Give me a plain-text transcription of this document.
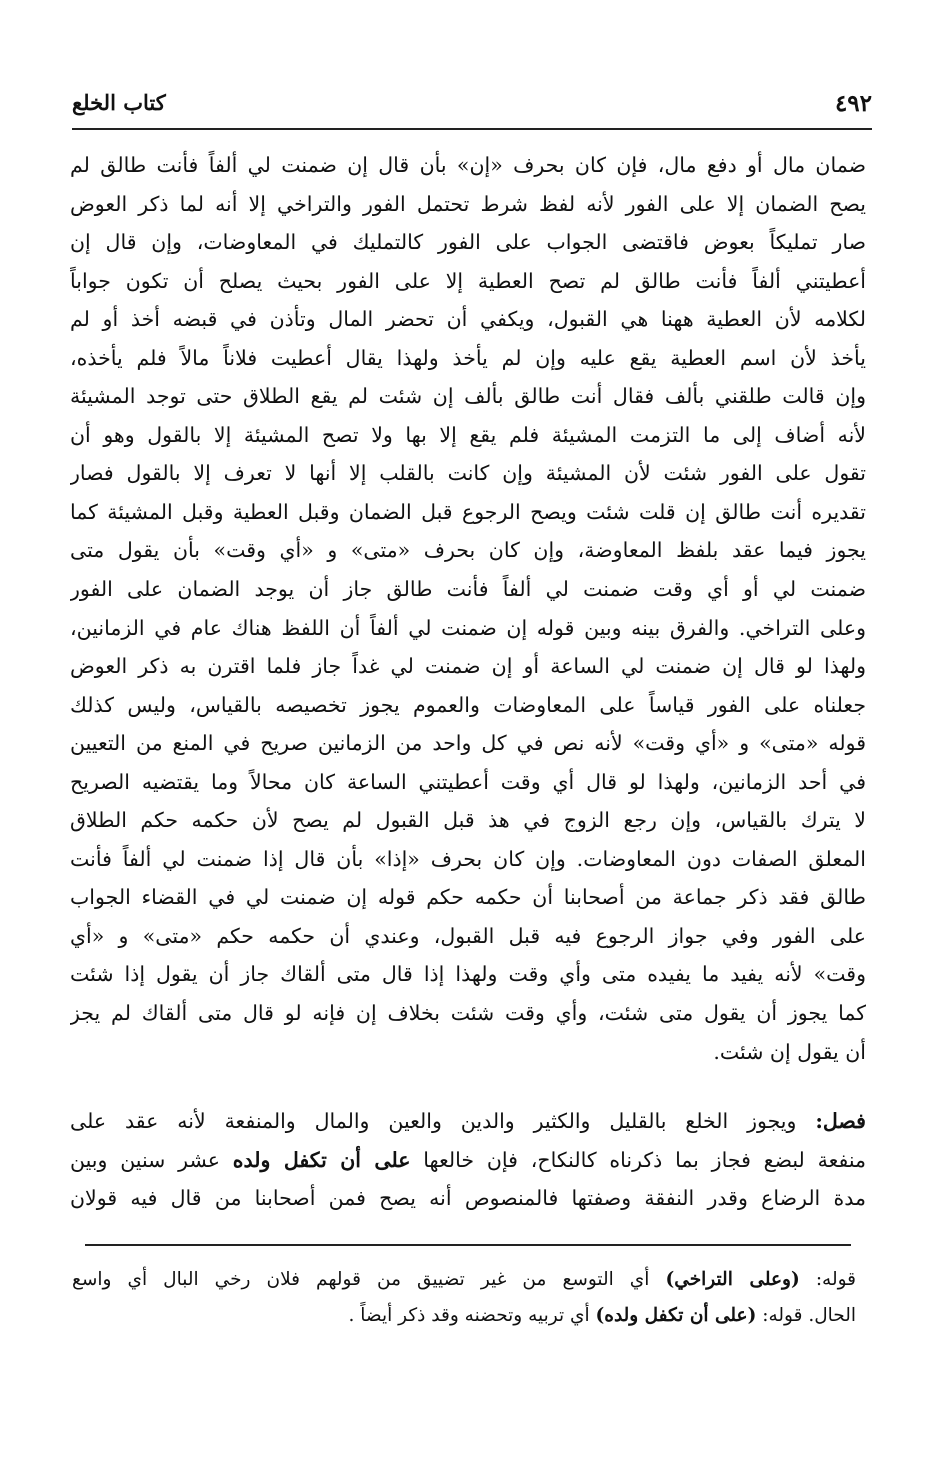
٤٩٢
كتاب الخلع
ضمان مال أو دفع مال، فإن كان بحرف «إن» بأن قال إن ضمنت لي ألفاً فأنت طالق لم
يصح الضمان إلا على الفور لأنه لفظ شرط تحتمل الفور والتراخي إلا أنه لما ذكر العوض
صار تمليكاً بعوض فاقتضى الجواب على الفور كالتمليك في المعاوضات، وإن قال إن
أعطيتني ألفاً فأنت طالق لم تصح العطية إلا على الفور بحيث يصلح أن تكون جواباً
لكلامه لأن العطية ههنا هي القبول، ويكفي أن تحضر المال وتأذن في قبضه أخذ أو لم
يأخذ لأن اسم العطية يقع عليه وإن لم يأخذ ولهذا يقال أعطيت فلاناً مالاً فلم يأخذه،
وإن قالت طلقني بألف فقال أنت طالق بألف إن شئت لم يقع الطلاق حتى توجد المشيئة
لأنه أضاف إلى ما التزمت المشيئة فلم يقع إلا بها ولا تصح المشيئة إلا بالقول وهو أن
تقول على الفور شئت لأن المشيئة وإن كانت بالقلب إلا أنها لا تعرف إلا بالقول فصار
تقديره أنت طالق إن قلت شئت ويصح الرجوع قبل الضمان وقبل العطية وقبل المشيئة كما
يجوز فيما عقد بلفظ المعاوضة، وإن كان بحرف «متى» و «أي وقت» بأن يقول متى
ضمنت لي أو أي وقت ضمنت لي ألفاً فأنت طالق جاز أن يوجد الضمان على الفور
وعلى التراخي. والفرق بينه وبين قوله إن ضمنت لي ألفاً أن اللفظ هناك عام في الزمانين،
ولهذا لو قال إن ضمنت لي الساعة أو إن ضمنت لي غداً جاز فلما اقترن به ذكر العوض
جعلناه على الفور قياساً على المعاوضات والعموم يجوز تخصيصه بالقياس، وليس كذلك
قوله «متى» و «أي وقت» لأنه نص في كل واحد من الزمانين صريح في المنع من التعيين
في أحد الزمانين، ولهذا لو قال أي وقت أعطيتني الساعة كان محالاً وما يقتضيه الصريح
لا يترك بالقياس، وإن رجع الزوج في هذ قبل القبول لم يصح لأن حكمه حكم الطلاق
المعلق الصفات دون المعاوضات. وإن كان بحرف «إذا» بأن قال إذا ضمنت لي ألفاً فأنت
طالق فقد ذكر جماعة من أصحابنا أن حكمه حكم قوله إن ضمنت لي في القضاء الجواب
على الفور وفي جواز الرجوع فيه قبل القبول، وعندي أن حكمه حكم «متى» و «أي
وقت» لأنه يفيد ما يفيده متى وأي وقت ولهذا إذا قال متى ألقاك جاز أن يقول إذا شئت
كما يجوز أن يقول متى شئت، وأي وقت شئت بخلاف إن فإنه لو قال متى ألقاك لم يجز
أن يقول إن شئت.
فصل: ويجوز الخلع بالقليل والكثير والدين والعين والمال والمنفعة لأنه عقد على
منفعة لبضع فجاز بما ذكرناه كالنكاح، فإن خالعها على أن تكفل ولده عشر سنين وبين
مدة الرضاع وقدر النفقة وصفتها فالمنصوص أنه يصح فمن أصحابنا من قال فيه قولان
قوله: (وعلى التراخي) أي التوسع من غير تضييق من قولهم فلان رخي البال أي واسع
الحال. قوله: (على أن تكفل ولده) أي تربيه وتحضنه وقد ذكر أيضاً .
